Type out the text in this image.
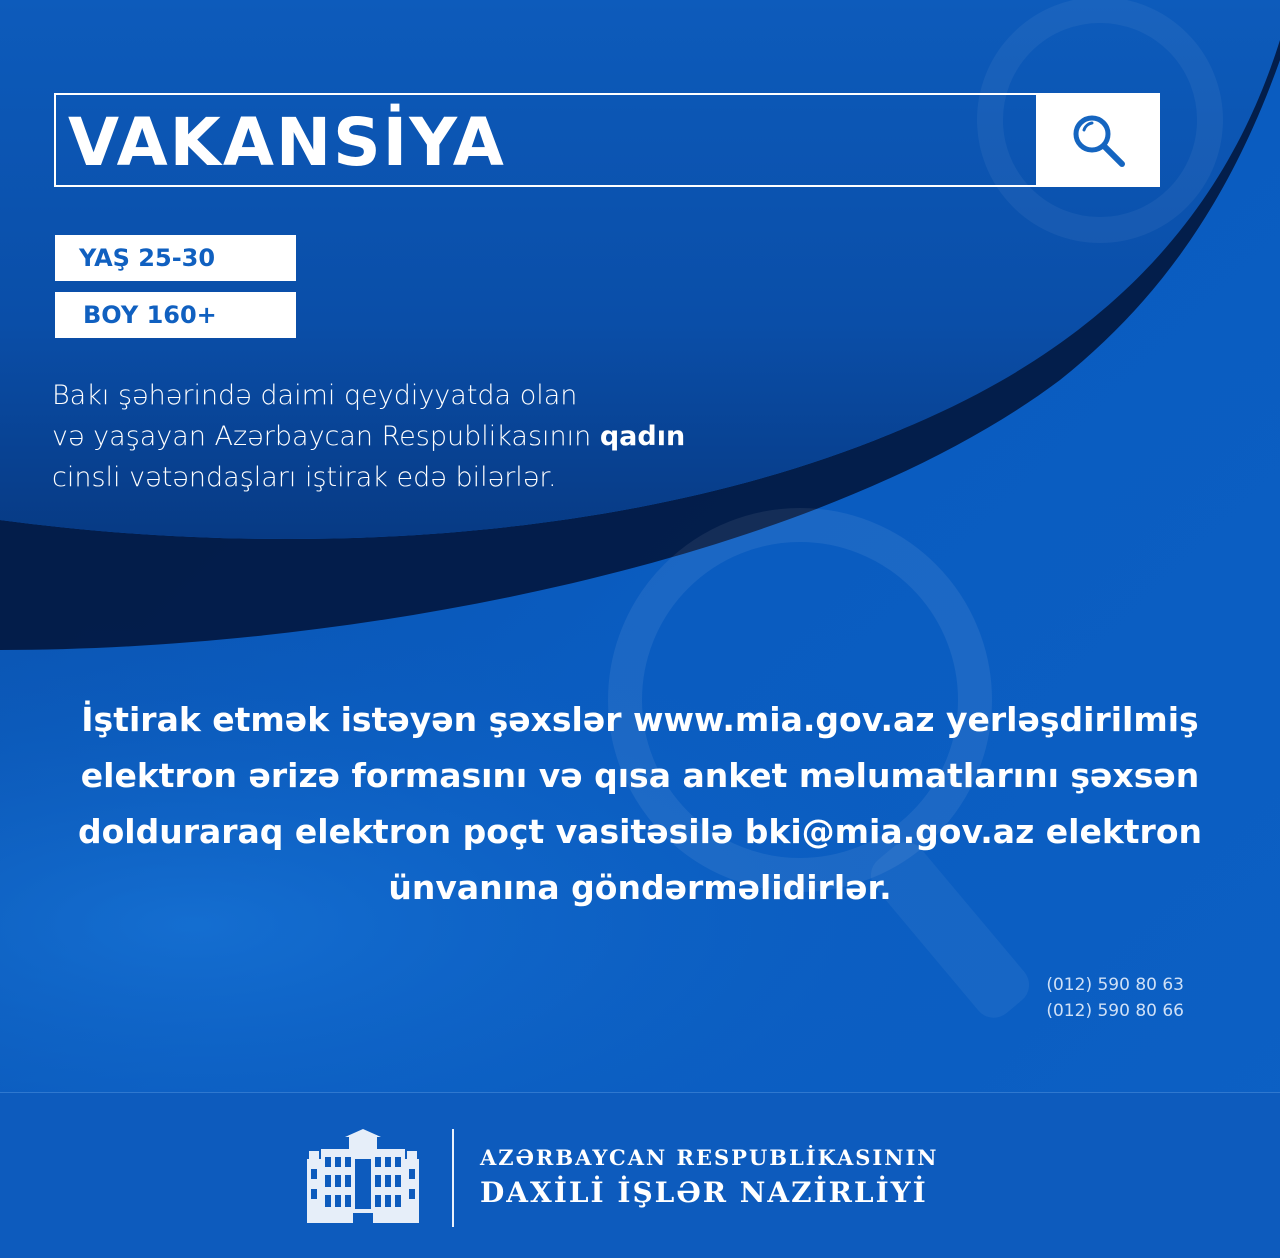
VAKANSİYA
YAŞ 25-30
BOY 160+
Bakı şəhərində daimi qeydiyyatda olan
və yaşayan Azərbaycan Respublikasının qadın
cinsli vətəndaşları iştirak edə bilərlər.
İştirak etmək istəyən şəxslər www.mia.gov.az yerləşdirilmiş
elektron ərizə formasını və qısa anket məlumatlarını şəxsən
dolduraraq elektron poçt vasitəsilə bki@mia.gov.az elektron
ünvanına göndərməlidirlər.
(012) 590 80 63
(012) 590 80 66
AZƏRBAYCAN RESPUBLİKASININ
DAXİLİ İŞLƏR NAZİRLİYİ
